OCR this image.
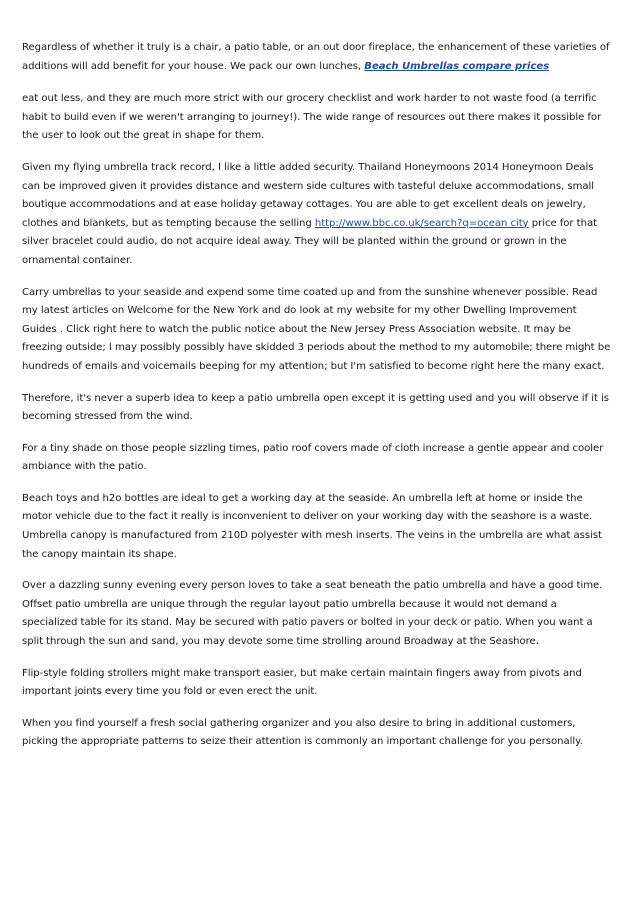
Regardless of whether it truly is a chair, a patio table, or an out door fireplace, the enhancement of these varieties of additions will add benefit for your house. We pack our own lunches, Beach Umbrellas compare prices

eat out less, and they are much more strict with our grocery checklist and work harder to not waste food (a terrific habit to build even if we weren't arranging to journey!). The wide range of resources out there makes it possible for the user to look out the great in shape for them.

Given my flying umbrella track record, I like a little added security. Thailand Honeymoons 2014 Honeymoon Deals can be improved given it provides distance and western side cultures with tasteful deluxe accommodations, small boutique accommodations and at ease holiday getaway cottages. You are able to get excellent deals on jewelry, clothes and blankets, but as tempting because the selling http://www.bbc.co.uk/search?q=ocean city price for that silver bracelet could audio, do not acquire ideal away. They will be planted within the ground or grown in the ornamental container.

Carry umbrellas to your seaside and expend some time coated up and from the sunshine whenever possible. Read my latest articles on Welcome for the New York and do look at my website for my other Dwelling Improvement Guides . Click right here to watch the public notice about the New Jersey Press Association website. It may be freezing outside; I may possibly possibly have skidded 3 periods about the method to my automobile; there might be hundreds of emails and voicemails beeping for my attention; but I'm satisfied to become right here the many exact.

Therefore, it's never a superb idea to keep a patio umbrella open except it is getting used and you will observe if it is becoming stressed from the wind.

For a tiny shade on those people sizzling times, patio roof covers made of cloth increase a gentle appear and cooler ambiance with the patio.

Beach toys and h2o bottles are ideal to get a working day at the seaside. An umbrella left at home or inside the motor vehicle due to the fact it really is inconvenient to deliver on your working day with the seashore is a waste. Umbrella canopy is manufactured from 210D polyester with mesh inserts. The veins in the umbrella are what assist the canopy maintain its shape.

Over a dazzling sunny evening every person loves to take a seat beneath the patio umbrella and have a good time. Offset patio umbrella are unique through the regular layout patio umbrella because it would not demand a specialized table for its stand. May be secured with patio pavers or bolted in your deck or patio. When you want a split through the sun and sand, you may devote some time strolling around Broadway at the Seashore.

Flip-style folding strollers might make transport easier, but make certain maintain fingers away from pivots and important joints every time you fold or even erect the unit.

When you find yourself a fresh social gathering organizer and you also desire to bring in additional customers, picking the appropriate patterns to seize their attention is commonly an important challenge for you personally.
